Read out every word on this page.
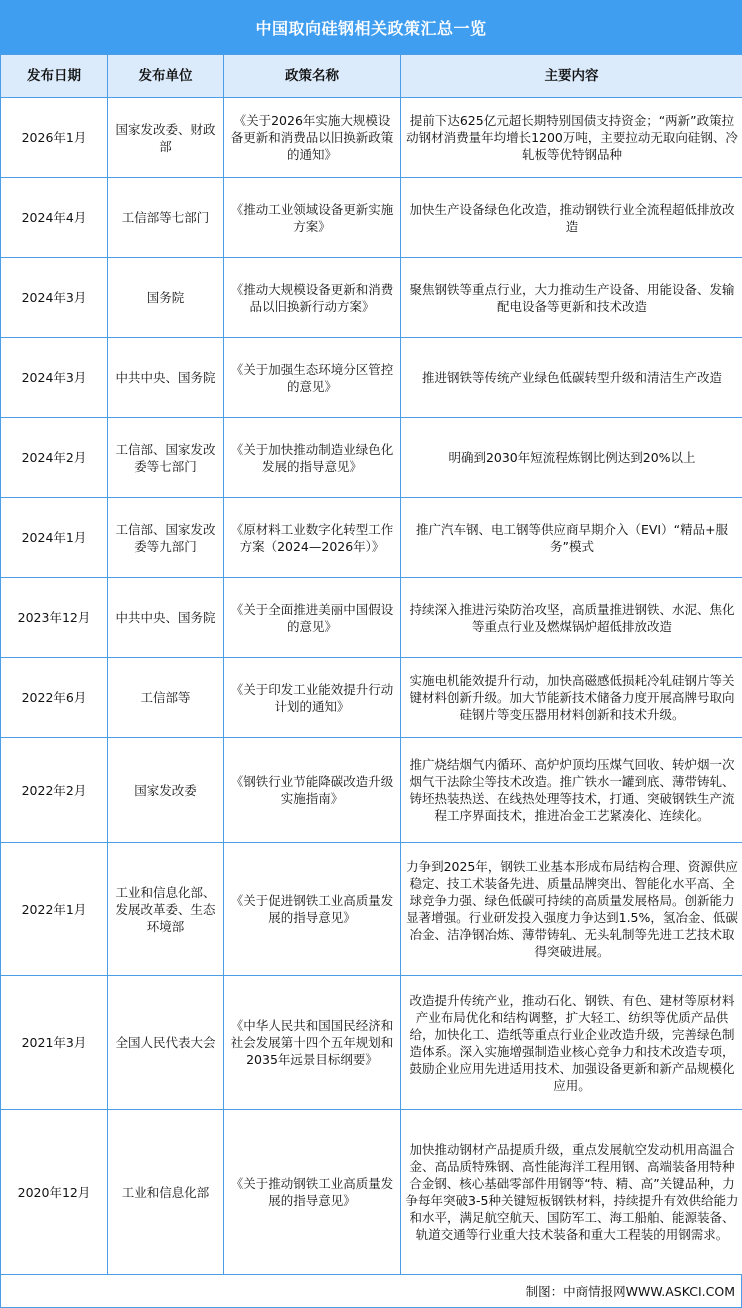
中国取向硅钢相关政策汇总一览
发布日期	发布单位	政策名称	主要内容
2026年1月	国家发改委、财政部	《关于2026年实施大规模设备更新和消费品以旧换新政策的通知》	提前下达625亿元超长期特别国债支持资金；“两新”政策拉动钢材消费量年均增长1200万吨，主要拉动无取向硅钢、冷轧板等优特钢品种
2024年4月	工信部等七部门	《推动工业领域设备更新实施方案》	加快生产设备绿色化改造，推动钢铁行业全流程超低排放改造
2024年3月	国务院	《推动大规模设备更新和消费品以旧换新行动方案》	聚焦钢铁等重点行业，大力推动生产设备、用能设备、发输配电设备等更新和技术改造
2024年3月	中共中央、国务院	《关于加强生态环境分区管控的意见》	推进钢铁等传统产业绿色低碳转型升级和清洁生产改造
2024年2月	工信部、国家发改委等七部门	《关于加快推动制造业绿色化发展的指导意见》	明确到2030年短流程炼钢比例达到20%以上
2024年1月	工信部、国家发改委等九部门	《原材料工业数字化转型工作方案（2024—2026年）》	推广汽车钢、电工钢等供应商早期介入（EVI）“精品+服务”模式
2023年12月	中共中央、国务院	《关于全面推进美丽中国假设的意见》	持续深入推进污染防治攻坚，高质量推进钢铁、水泥、焦化等重点行业及燃煤锅炉超低排放改造
2022年6月	工信部等	《关于印发工业能效提升行动计划的通知》	实施电机能效提升行动，加快高磁感低损耗冷轧硅钢片等关键材料创新升级。加大节能新技术储备力度开展高牌号取向硅钢片等变压器用材料创新和技术升级。
2022年2月	国家发改委	《钢铁行业节能降碳改造升级实施指南》	推广烧结烟气内循环、高炉炉顶均压煤气回收、转炉烟一次烟气干法除尘等技术改造。推广铁水一罐到底、薄带铸轧、铸坯热装热送、在线热处理等技术，打通、突破钢铁生产流程工序界面技术，推进冶金工艺紧凑化、连续化。
2022年1月	工业和信息化部、发展改革委、生态环境部	《关于促进钢铁工业高质量发展的指导意见》	力争到2025年，钢铁工业基本形成布局结构合理、资源供应稳定、技工术装备先进、质量品牌突出、智能化水平高、全球竞争力强、绿色低碳可持续的高质量发展格局。创新能力显著增强。行业研发投入强度力争达到1.5%，氢冶金、低碳冶金、洁净钢冶炼、薄带铸轧、无头轧制等先进工艺技术取得突破进展。
2021年3月	全国人民代表大会	《中华人民共和国国民经济和社会发展第十四个五年规划和2035年远景目标纲要》	改造提升传统产业，推动石化、钢铁、有色、建材等原材料产业布局优化和结构调整，扩大轻工、纺织等优质产品供给，加快化工、造纸等重点行业企业改造升级，完善绿色制造体系。深入实施增强制造业核心竞争力和技术改造专项，鼓励企业应用先进适用技术、加强设备更新和新产品规模化应用。
2020年12月	工业和信息化部	《关于推动钢铁工业高质量发展的指导意见》	加快推动钢材产品提质升级，重点发展航空发动机用高温合金、高品质特殊钢、高性能海洋工程用钢、高端装备用特种合金钢、核心基础零部件用钢等“特、精、高”关键品种，力争每年突破3-5种关键短板钢铁材料，持续提升有效供给能力和水平，满足航空航天、国防军工、海工船舶、能源装备、轨道交通等行业重大技术装备和重大工程装的用钢需求。
制图：中商情报网WWW.ASKCI.COM
